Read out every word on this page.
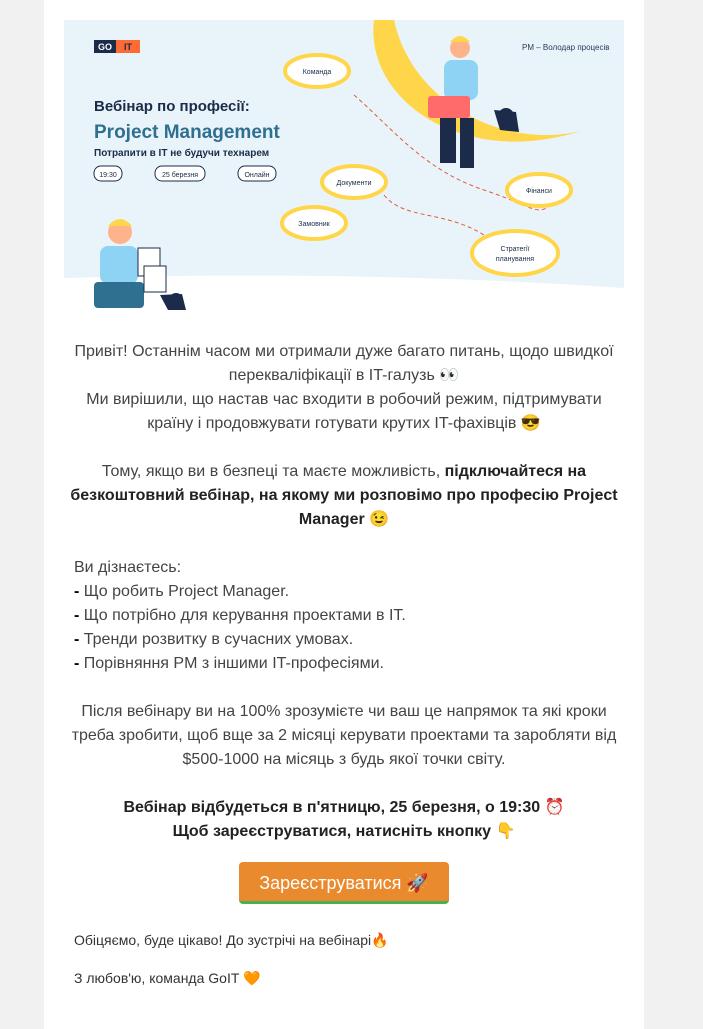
GO IT	PM – Володар процесів
Вебінар по професії:
Project Management
Потрапити в IT не будучи технарем
19:30	25 березня	Онлайн
Команда
Документи
Замовник
Фінанси
Стратегії
планування

Привіт! Останнім часом ми отримали дуже багато питань, щодо швидкої перекваліфікації в IT-галузь 👀

Ми вирішили, що настав час входити в робочий режим, підтримувати країну і продовжувати готувати крутих IT-фахівців 😎

Тому, якщо ви в безпеці та маєте можливість, підключайтеся на безкоштовний вебінар, на якому ми розповімо про професію Project Manager 😉

Ви дізнаєтесь:

- Що робить Project Manager.

- Що потрібно для керування проектами в IT.

- Тренди розвитку в сучасних умовах.

- Порівняння PM з іншими IT-професіями.

Після вебінару ви на 100% зрозумієте чи ваш це напрямок та які кроки треба зробити, щоб вще за 2 місяці керувати проектами та заробляти від $500-1000 на місяць з будь якої точки світу.

Вебінар відбудеться в п'ятницю, 25 березня, о 19:30 ⏰

Щоб зареєструватися, натисніть кнопку 👇

Зареєструватися 🚀

Обіцяємо, буде цікаво! До зустрічі на вебінарі🔥

З любов'ю, команда GoIT 🧡
